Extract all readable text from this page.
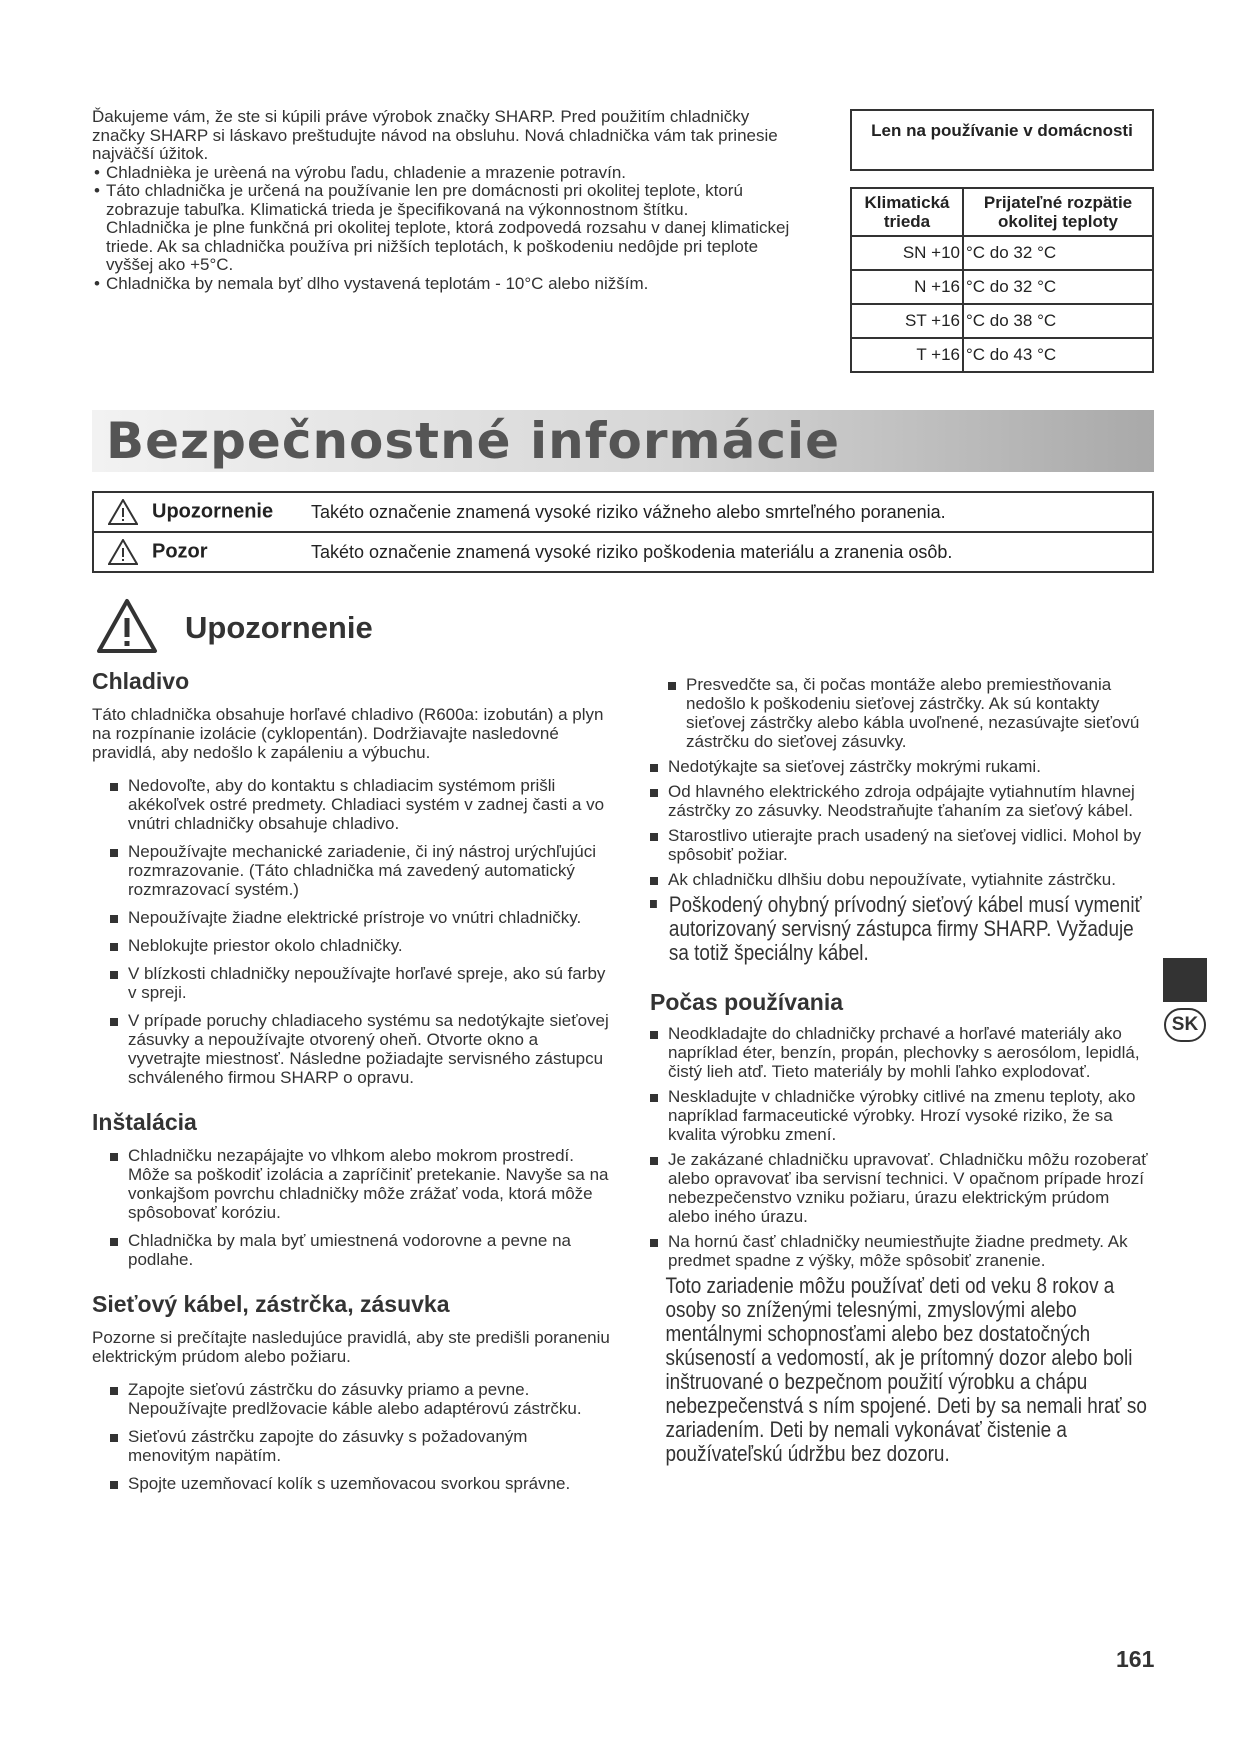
Ďakujeme vám, že ste si kúpili práve výrobok značky SHARP. Pred použitím chladničky značky SHARP si láskavo preštudujte návod na obsluhu. Nová chladnička vám tak prinesie najväčší úžitok.

• Chladnièka je urèená na výrobu ľadu, chladenie a mrazenie potravín.
• Táto chladnička je určená na používanie len pre domácnosti pri okolitej teplote, ktorú zobrazuje tabuľka. Klimatická trieda je špecifikovaná na výkonnostnom štítku.
Chladnička je plne funkčná pri okolitej teplote, ktorá zodpovedá rozsahu v danej klimatickej triede. Ak sa chladnička používa pri nižších teplotách, k poškodeniu nedôjde pri teplote vyššej ako +5°C.
• Chladnička by nemala byť dlho vystavená teplotám - 10°C alebo nižším.
Len na používanie v domácnosti
Klimatická trieda	Prijateľné rozpätie okolitej teploty
SN +10	°C do 32 °C
N +16	°C do 32 °C
ST +16	°C do 38 °C
T +16	°C do 43 °C
Bezpečnostné informácie
Upozornenie	Takéto označenie znamená vysoké riziko vážneho alebo smrteľného poranenia.
Pozor	Takéto označenie znamená vysoké riziko poškodenia materiálu a zranenia osôb.
Upozornenie
Chladivo

Táto chladnička obsahuje horľavé chladivo (R600a: izobután) a plyn na rozpínanie izolácie (cyklopentán). Dodržiavajte nasledovné pravidlá, aby nedošlo k zapáleniu a výbuchu.

Nedovoľte, aby do kontaktu s chladiacim systémom prišli akékoľvek ostré predmety. Chladiaci systém v zadnej časti a vo vnútri chladničky obsahuje chladivo.

Nepoužívajte mechanické zariadenie, či iný nástroj urýchľujúci rozmrazovanie. (Táto chladnička má zavedený automatický rozmrazovací systém.)

Nepoužívajte žiadne elektrické prístroje vo vnútri chladničky.

Neblokujte priestor okolo chladničky.

V blízkosti chladničky nepoužívajte horľavé spreje, ako sú farby v spreji.

V prípade poruchy chladiaceho systému sa nedotýkajte sieťovej zásuvky a nepoužívajte otvorený oheň. Otvorte okno a vyvetrajte miestnosť. Následne požiadajte servisného zástupcu schváleného firmou SHARP o opravu.

Inštalácia

Chladničku nezapájajte vo vlhkom alebo mokrom prostredí. Môže sa poškodiť izolácia a zapríčiniť pretekanie. Navyše sa na vonkajšom povrchu chladničky môže zrážať voda, ktorá môže spôsobovať koróziu.

Chladnička by mala byť umiestnená vodorovne a pevne na podlahe.

Sieťový kábel, zástrčka, zásuvka

Pozorne si prečítajte nasledujúce pravidlá, aby ste predišli poraneniu elektrickým prúdom alebo požiaru.

Zapojte sieťovú zástrčku do zásuvky priamo a pevne. Nepoužívajte predlžovacie káble alebo adaptérovú zástrčku.

Sieťovú zástrčku zapojte do zásuvky s požadovaným menovitým napätím.

Spojte uzemňovací kolík s uzemňovacou svorkou správne.

Presvedčte sa, či počas montáže alebo premiestňovania nedošlo k poškodeniu sieťovej zástrčky. Ak sú kontakty sieťovej zástrčky alebo kábla uvoľnené, nezasúvajte sieťovú zástrčku do sieťovej zásuvky.

Nedotýkajte sa sieťovej zástrčky mokrými rukami.

Od hlavného elektrického zdroja odpájajte vytiahnutím hlavnej zástrčky zo zásuvky. Neodstraňujte ťahaním za sieťový kábel.

Starostlivo utierajte prach usadený na sieťovej vidlici. Mohol by spôsobiť požiar.

Ak chladničku dlhšiu dobu nepoužívate, vytiahnite zástrčku.

Poškodený ohybný prívodný sieťový kábel musí vymeniť autorizovaný servisný zástupca firmy SHARP. Vyžaduje sa totiž špeciálny kábel.

Počas používania

Neodkladajte do chladničky prchavé a horľavé materiály ako napríklad éter, benzín, propán, plechovky s aerosólom, lepidlá, čistý lieh atď. Tieto materiály by mohli ľahko explodovať.

Neskladujte v chladničke výrobky citlivé na zmenu teploty, ako napríklad farmaceutické výrobky. Hrozí vysoké riziko, že sa kvalita výrobku zmení.

Je zakázané chladničku upravovať. Chladničku môžu rozoberať alebo opravovať iba servisní technici. V opačnom prípade hrozí nebezpečenstvo vzniku požiaru, úrazu elektrickým prúdom alebo iného úrazu.

Na hornú časť chladničky neumiestňujte žiadne predmety. Ak predmet spadne z výšky, môže spôsobiť zranenie.

Toto zariadenie môžu používať deti od veku 8 rokov a osoby so zníženými telesnými, zmyslovými alebo mentálnymi schopnosťami alebo bez dostatočných skúseností a vedomostí, ak je prítomný dozor alebo boli inštruované o bezpečnom použití výrobku a chápu nebezpečenstvá s ním spojené. Deti by sa nemali hrať so zariadením. Deti by nemali vykonávať čistenie a používateľskú údržbu bez dozoru.
SK
161
